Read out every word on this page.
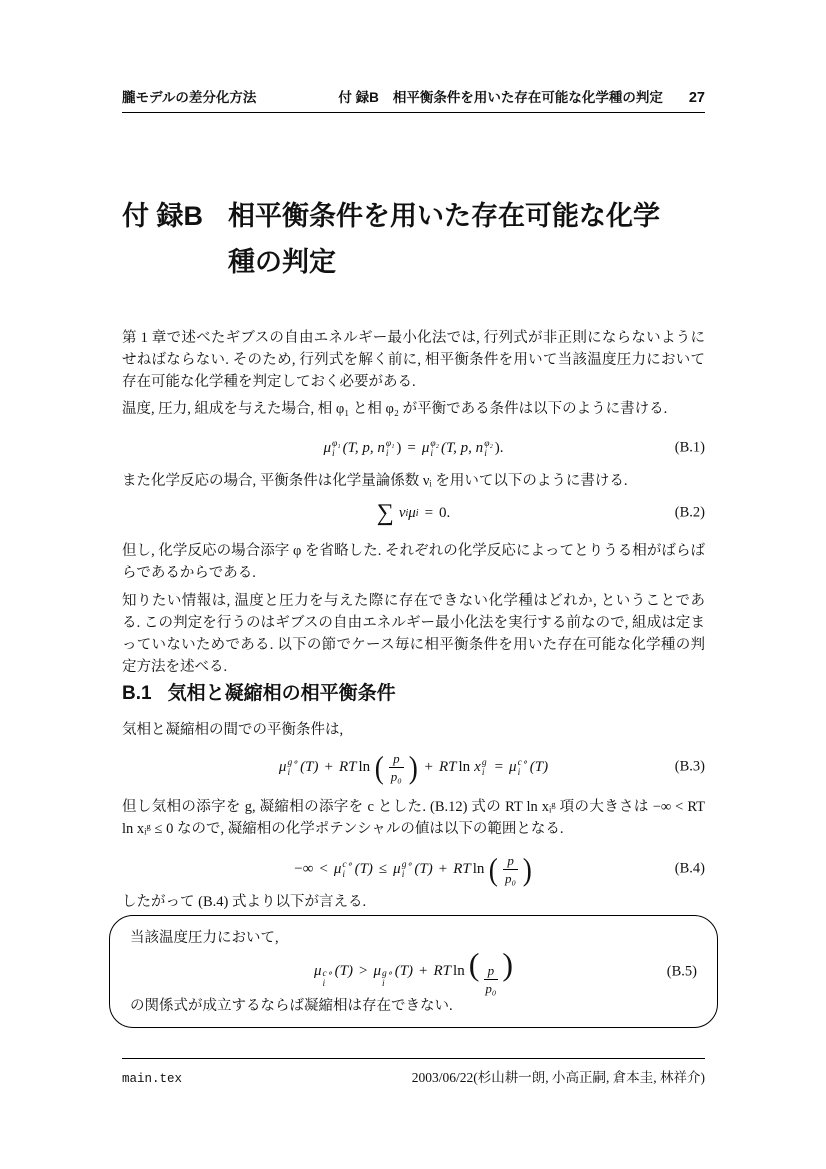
朧モデルの差分化方法	付 録B 相平衡条件を用いた存在可能な化学種の判定 27
付 録B 相平衡条件を用いた存在可能な化学
種の判定
第 1 章で述べたギブスの自由エネルギー最小化法では, 行列式が非正則にならないようにせねばならない. そのため, 行列式を解く前に, 相平衡条件を用いて当該温度圧力において存在可能な化学種を判定しておく必要がある.
温度, 圧力, 組成を与えた場合, 相 φ₁ と相 φ₂ が平衡である条件は以下のように書ける.
μ φ₁
i (T, p, n φ₁
i ) = μ φ₂
i (T, p, n φ₂
i ).	(B.1)
また化学反応の場合, 平衡条件は化学量論係数 νᵢ を用いて以下のように書ける.
∑ ν i μ i = 0.	(B.2)
但し, 化学反応の場合添字 φ を省略した. それぞれの化学反応によってとりうる相がばらばらであるからである.
知りたい情報は, 温度と圧力を与えた際に存在できない化学種はどれか, ということである. この判定を行うのはギブスの自由エネルギー最小化法を実行する前なので, 組成は定まっていないためである. 以下の節でケース毎に相平衡条件を用いた存在可能な化学種の判定方法を述べる.
B.1 気相と凝縮相の相平衡条件
気相と凝縮相の間での平衡条件は,
μ g∘
i (T) + RT ln ( $\frac{p}{\text{p₀}}$ ) + RT ln x g
i = μ c∘
i (T)	(B.3)
但し気相の添字を g, 凝縮相の添字を c とした. (B.12) 式の RT ln xᵢᵍ 項の大きさは −∞ < RT ln xᵢᵍ ≤ 0 なので, 凝縮相の化学ポテンシャルの値は以下の範囲となる.
−∞ < μ c∘
i (T) ≤ μ g∘
i (T) + RT ln ( $\frac{p}{\text{p₀}}$ )	(B.4)
したがって (B.4) 式より以下が言える.
当該温度圧力において,
μ c∘
i
(T) > μ g∘
i
(T) + RT ln ( $\frac{p}{\text{p₀}}$ )	(B.5)
の関係式が成立するならば凝縮相は存在できない.
main.tex	2003/06/22(杉山耕一朗, 小高正嗣, 倉本圭, 林祥介)
